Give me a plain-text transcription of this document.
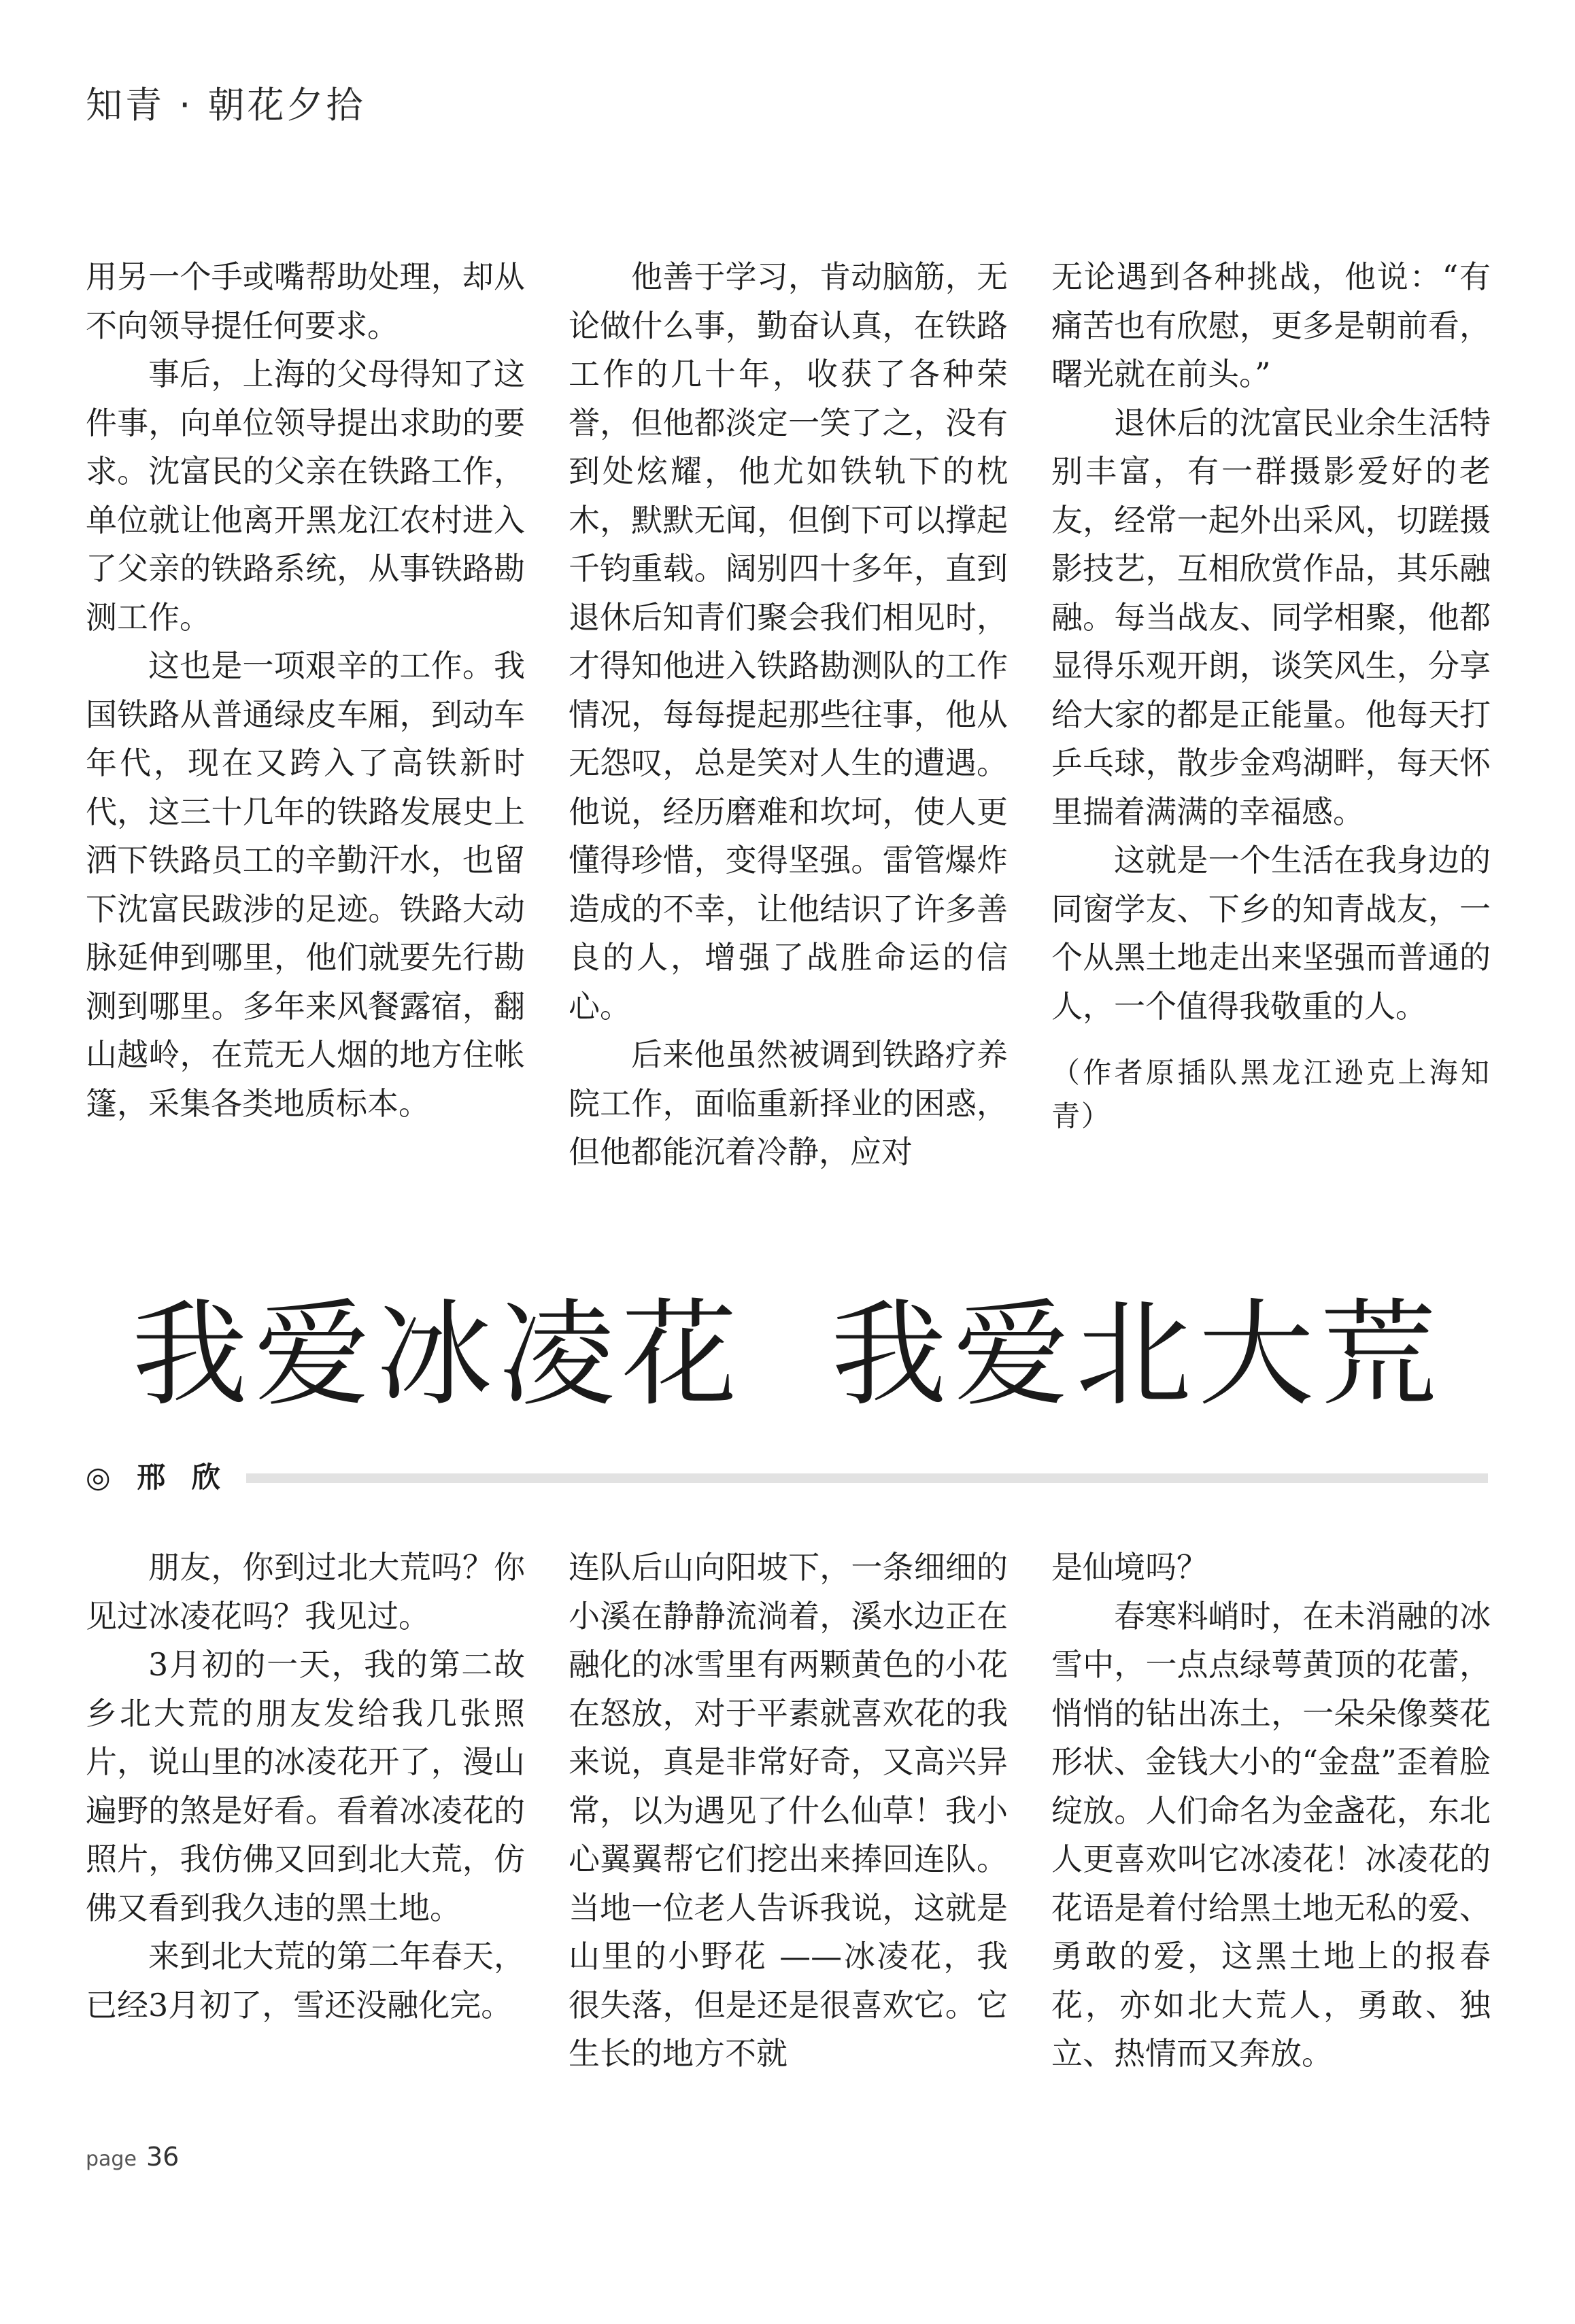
知青 · 朝花夕拾

用另一个手或嘴帮助处理，却从不向领导提任何要求。

事后，上海的父母得知了这件事，向单位领导提出求助的要求。沈富民的父亲在铁路工作，单位就让他离开黑龙江农村进入了父亲的铁路系统，从事铁路勘测工作。

这也是一项艰辛的工作。我国铁路从普通绿皮车厢，到动车年代，现在又跨入了高铁新时代，这三十几年的铁路发展史上洒下铁路员工的辛勤汗水，也留下沈富民跋涉的足迹。铁路大动脉延伸到哪里，他们就要先行勘测到哪里。多年来风餐露宿，翻山越岭，在荒无人烟的地方住帐篷，采集各类地质标本。

他善于学习，肯动脑筋，无论做什么事，勤奋认真，在铁路工作的几十年，收获了各种荣誉，但他都淡定一笑了之，没有到处炫耀，他尤如铁轨下的枕木，默默无闻，但倒下可以撑起千钧重载。阔别四十多年，直到退休后知青们聚会我们相见时，才得知他进入铁路勘测队的工作情况，每每提起那些往事，他从无怨叹，总是笑对人生的遭遇。他说，经历磨难和坎坷，使人更懂得珍惜，变得坚强。雷管爆炸造成的不幸，让他结识了许多善良的人，增强了战胜命运的信心。

后来他虽然被调到铁路疗养院工作，面临重新择业的困惑，但他都能沉着冷静，应对

无论遇到各种挑战，他说：“有痛苦也有欣慰，更多是朝前看，曙光就在前头。”

退休后的沈富民业余生活特别丰富，有一群摄影爱好的老友，经常一起外出采风，切蹉摄影技艺，互相欣赏作品，其乐融融。每当战友、同学相聚，他都显得乐观开朗，谈笑风生，分享给大家的都是正能量。他每天打乒乓球，散步金鸡湖畔，每天怀里揣着满满的幸福感。

这就是一个生活在我身边的同窗学友、下乡的知青战友，一个从黑土地走出来坚强而普通的人，一个值得我敬重的人。

（作者原插队黑龙江逊克上海知青）
我爱冰凌花  我爱北大荒
◎ 邢 欣

朋友，你到过北大荒吗？你见过冰凌花吗？我见过。

3月初的一天，我的第二故乡北大荒的朋友发给我几张照片，说山里的冰凌花开了，漫山遍野的煞是好看。看着冰凌花的照片，我仿佛又回到北大荒，仿佛又看到我久违的黑土地。

来到北大荒的第二年春天，已经3月初了，雪还没融化完。

连队后山向阳坡下，一条细细的小溪在静静流淌着，溪水边正在融化的冰雪里有两颗黄色的小花在怒放，对于平素就喜欢花的我来说，真是非常好奇，又高兴异常，以为遇见了什么仙草！我小心翼翼帮它们挖出来捧回连队。当地一位老人告诉我说，这就是山里的小野花 ——冰凌花，我很失落，但是还是很喜欢它。它生长的地方不就

是仙境吗？

春寒料峭时，在未消融的冰雪中，一点点绿萼黄顶的花蕾，悄悄的钻出冻土，一朵朵像葵花形状、金钱大小的“金盘”歪着脸绽放。人们命名为金盏花，东北人更喜欢叫它冰凌花！冰凌花的花语是着付给黑土地无私的爱、勇敢的爱，这黑土地上的报春花，亦如北大荒人，勇敢、独立、热情而又奔放。

page 36
